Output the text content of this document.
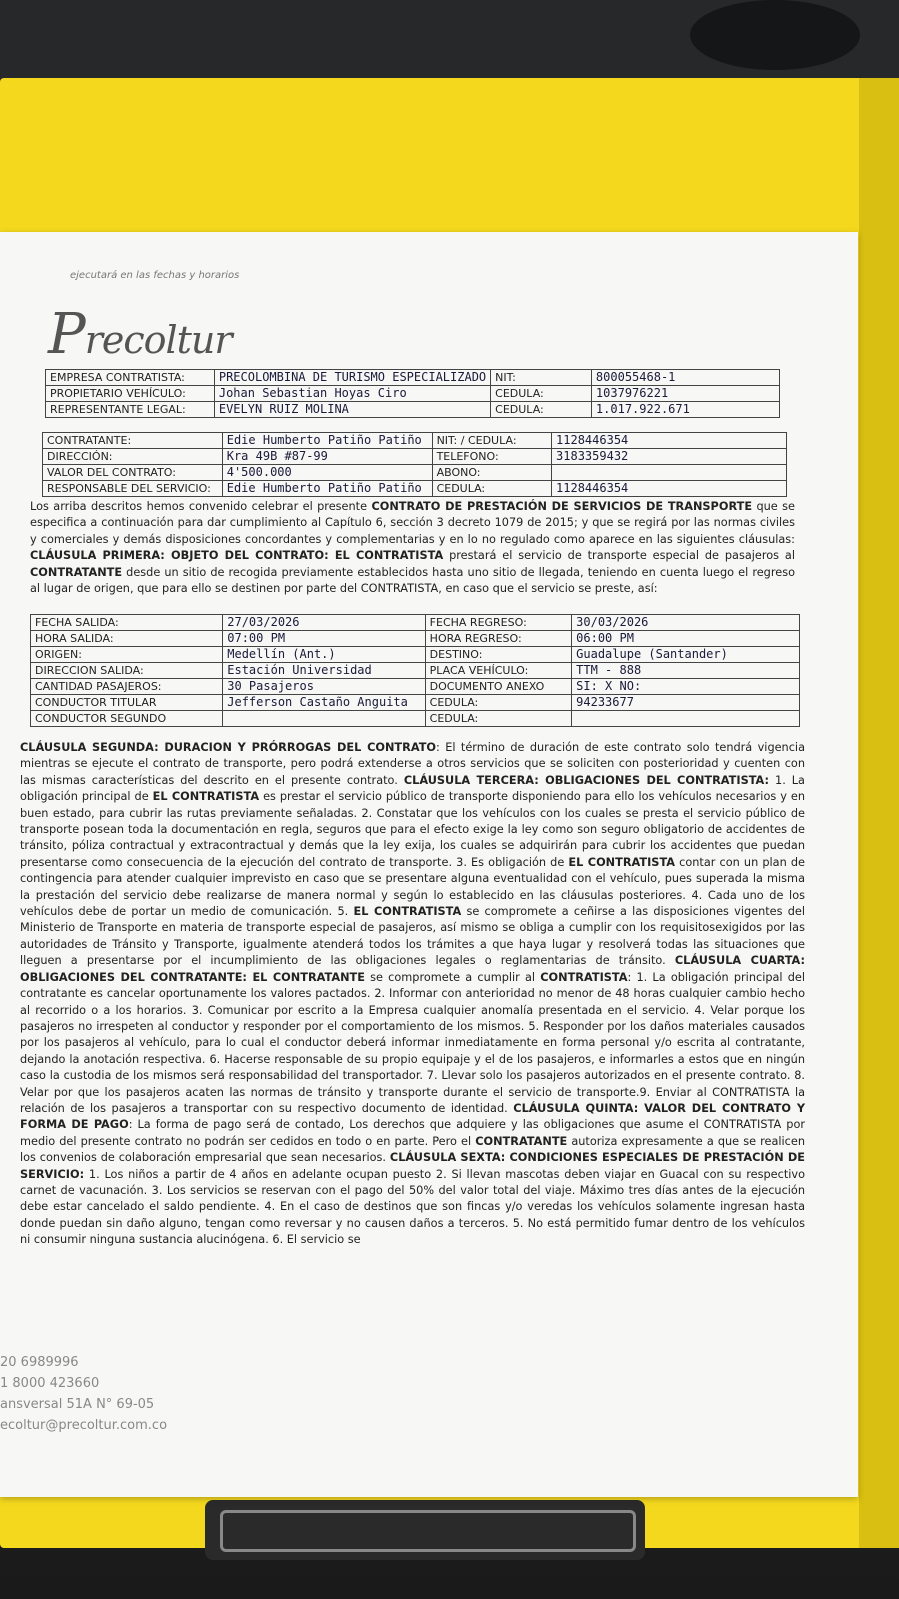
ejecutará en las fechas y horarios
Precoltur
EMPRESA CONTRATISTA:	PRECOLOMBINA DE TURISMO ESPECIALIZADO	NIT:	800055468-1
PROPIETARIO VEHÍCULO:	Johan Sebastian Hoyas Ciro	CEDULA:	1037976221
REPRESENTANTE LEGAL:	EVELYN RUIZ MOLINA	CEDULA:	1.017.922.671
CONTRATANTE:	Edie Humberto Patiño Patiño	NIT: / CEDULA:	1128446354
DIRECCIÓN:	Kra 49B #87-99	TELEFONO:	3183359432
VALOR DEL CONTRATO:	4'500.000	ABONO:	
RESPONSABLE DEL SERVICIO:	Edie Humberto Patiño Patiño	CEDULA:	1128446354
Los arriba descritos hemos convenido celebrar el presente CONTRATO DE PRESTACIÓN DE SERVICIOS DE TRANSPORTE que se especifica a continuación para dar cumplimiento al Capítulo 6, sección 3 decreto 1079 de 2015; y que se regirá por las normas civiles y comerciales y demás disposiciones concordantes y complementarias y en lo no regulado como aparece en las siguientes cláusulas: CLÁUSULA PRIMERA: OBJETO DEL CONTRATO: EL CONTRATISTA prestará el servicio de transporte especial de pasajeros al CONTRATANTE desde un sitio de recogida previamente establecidos hasta uno sitio de llegada, teniendo en cuenta luego el regreso al lugar de origen, que para ello se destinen por parte del CONTRATISTA, en caso que el servicio se preste, así:
FECHA SALIDA:	27/03/2026	FECHA REGRESO:	30/03/2026
HORA SALIDA:	07:00 PM	HORA REGRESO:	06:00 PM
ORIGEN:	Medellín (Ant.)	DESTINO:	Guadalupe (Santander)
DIRECCION SALIDA:	Estación Universidad	PLACA VEHÍCULO:	TTM - 888
CANTIDAD PASAJEROS:	30 Pasajeros	DOCUMENTO ANEXO	SI: X NO:
CONDUCTOR TITULAR	Jefferson Castaño Anguita	CEDULA:	94233677
CONDUCTOR SEGUNDO		CEDULA:	
CLÁUSULA SEGUNDA: DURACION Y PRÓRROGAS DEL CONTRATO: El término de duración de este contrato solo tendrá vigencia mientras se ejecute el contrato de transporte, pero podrá extenderse a otros servicios que se soliciten con posterioridad y cuenten con las mismas características del descrito en el presente contrato. CLÁUSULA TERCERA: OBLIGACIONES DEL CONTRATISTA: 1. La obligación principal de EL CONTRATISTA es prestar el servicio público de transporte disponiendo para ello los vehículos necesarios y en buen estado, para cubrir las rutas previamente señaladas. 2. Constatar que los vehículos con los cuales se presta el servicio público de transporte posean toda la documentación en regla, seguros que para el efecto exige la ley como son seguro obligatorio de accidentes de tránsito, póliza contractual y extracontractual y demás que la ley exija, los cuales se adquirirán para cubrir los accidentes que puedan presentarse como consecuencia de la ejecución del contrato de transporte. 3. Es obligación de EL CONTRATISTA contar con un plan de contingencia para atender cualquier imprevisto en caso que se presentare alguna eventualidad con el vehículo, pues superada la misma la prestación del servicio debe realizarse de manera normal y según lo establecido en las cláusulas posteriores. 4. Cada uno de los vehículos debe de portar un medio de comunicación. 5. EL CONTRATISTA se compromete a ceñirse a las disposiciones vigentes del Ministerio de Transporte en materia de transporte especial de pasajeros, así mismo se obliga a cumplir con los requisitosexigidos por las autoridades de Tránsito y Transporte, igualmente atenderá todos los trámites a que haya lugar y resolverá todas las situaciones que lleguen a presentarse por el incumplimiento de las obligaciones legales o reglamentarias de tránsito. CLÁUSULA CUARTA: OBLIGACIONES DEL CONTRATANTE: EL CONTRATANTE se compromete a cumplir al CONTRATISTA: 1. La obligación principal del contratante es cancelar oportunamente los valores pactados. 2. Informar con anterioridad no menor de 48 horas cualquier cambio hecho al recorrido o a los horarios. 3. Comunicar por escrito a la Empresa cualquier anomalía presentada en el servicio. 4. Velar porque los pasajeros no irrespeten al conductor y responder por el comportamiento de los mismos. 5. Responder por los daños materiales causados por los pasajeros al vehículo, para lo cual el conductor deberá informar inmediatamente en forma personal y/o escrita al contratante, dejando la anotación respectiva. 6. Hacerse responsable de su propio equipaje y el de los pasajeros, e informarles a estos que en ningún caso la custodia de los mismos será responsabilidad del transportador. 7. Llevar solo los pasajeros autorizados en el presente contrato. 8. Velar por que los pasajeros acaten las normas de tránsito y transporte durante el servicio de transporte.9. Enviar al CONTRATISTA la relación de los pasajeros a transportar con su respectivo documento de identidad. CLÁUSULA QUINTA: VALOR DEL CONTRATO Y FORMA DE PAGO: La forma de pago será de contado, Los derechos que adquiere y las obligaciones que asume el CONTRATISTA por medio del presente contrato no podrán ser cedidos en todo o en parte. Pero el CONTRATANTE autoriza expresamente a que se realicen los convenios de colaboración empresarial que sean necesarios. CLÁUSULA SEXTA: CONDICIONES ESPECIALES DE PRESTACIÓN DE SERVICIO: 1. Los niños a partir de 4 años en adelante ocupan puesto 2. Si llevan mascotas deben viajar en Guacal con su respectivo carnet de vacunación. 3. Los servicios se reservan con el pago del 50% del valor total del viaje. Máximo tres días antes de la ejecución debe estar cancelado el saldo pendiente. 4. En el caso de destinos que son fincas y/o veredas los vehículos solamente ingresan hasta donde puedan sin daño alguno, tengan como reversar y no causen daños a terceros. 5. No está permitido fumar dentro de los vehículos ni consumir ninguna sustancia alucinógena. 6. El servicio se
20 6989996
1 8000 423660
ansversal 51A N° 69-05
ecoltur@precoltur.com.co
